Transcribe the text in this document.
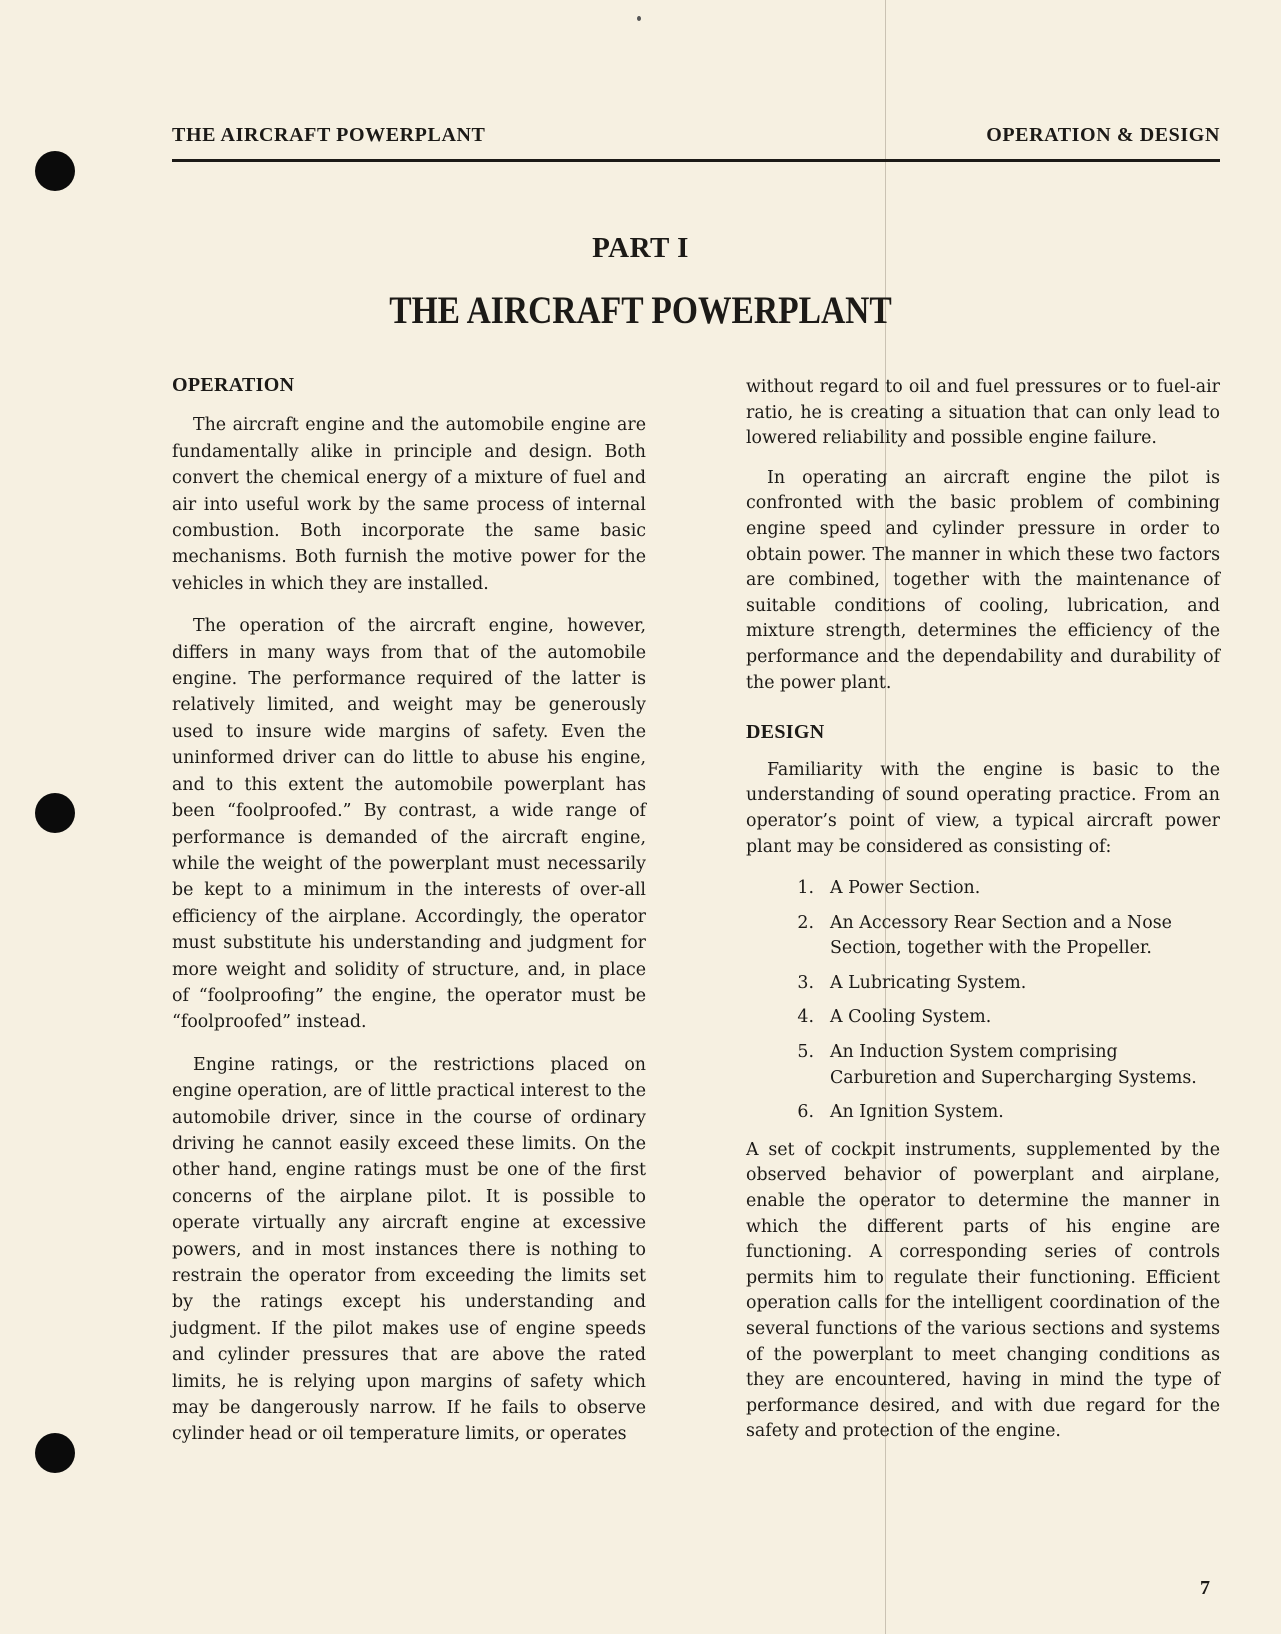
THE AIRCRAFT POWERPLANT	OPERATION & DESIGN
PART I
THE AIRCRAFT POWERPLANT
OPERATION

The aircraft engine and the automobile engine are fundamentally alike in principle and design. Both convert the chemical energy of a mixture of fuel and air into useful work by the same process of internal combustion. Both incorporate the same basic mechanisms. Both furnish the motive power for the vehicles in which they are installed.

The operation of the aircraft engine, however, differs in many ways from that of the automobile engine. The performance required of the latter is relatively limited, and weight may be generously used to insure wide margins of safety. Even the uninformed driver can do little to abuse his engine, and to this extent the automobile powerplant has been “foolproofed.” By contrast, a wide range of performance is demanded of the aircraft engine, while the weight of the powerplant must necessarily be kept to a minimum in the interests of over-all efficiency of the airplane. Accordingly, the operator must substitute his understanding and judgment for more weight and solidity of structure, and, in place of “foolproofing” the engine, the operator must be “foolproofed” instead.

Engine ratings, or the restrictions placed on engine operation, are of little practical interest to the automobile driver, since in the course of ordinary driving he cannot easily exceed these limits. On the other hand, engine ratings must be one of the first concerns of the airplane pilot. It is possible to operate virtually any aircraft engine at excessive powers, and in most instances there is nothing to restrain the operator from exceeding the limits set by the ratings except his understanding and judgment. If the pilot makes use of engine speeds and cylinder pressures that are above the rated limits, he is relying upon margins of safety which may be dangerously narrow. If he fails to observe cylinder head or oil temperature limits, or operates

without regard to oil and fuel pressures or to fuel-air ratio, he is creating a situation that can only lead to lowered reliability and possible engine failure.

In operating an aircraft engine the pilot is confronted with the basic problem of combining engine speed and cylinder pressure in order to obtain power. The manner in which these two factors are combined, together with the maintenance of suitable conditions of cooling, lubrication, and mixture strength, determines the efficiency of the performance and the dependability and durability of the power plant.

DESIGN

Familiarity with the engine is basic to the understanding of sound operating practice. From an operator’s point of view, a typical aircraft power plant may be considered as consisting of:

1. A Power Section.
2. An Accessory Rear Section and a Nose Section, together with the Propeller.
3. A Lubricating System.
4. A Cooling System.
5. An Induction System comprising Carburetion and Supercharging Systems.
6. An Ignition System.

A set of cockpit instruments, supplemented by the observed behavior of powerplant and airplane, enable the operator to determine the manner in which the different parts of his engine are functioning. A corresponding series of controls permits him to regulate their functioning. Efficient operation calls for the intelligent coordination of the several functions of the various sections and systems of the powerplant to meet changing conditions as they are encountered, having in mind the type of performance desired, and with due regard for the safety and protection of the engine.

7
